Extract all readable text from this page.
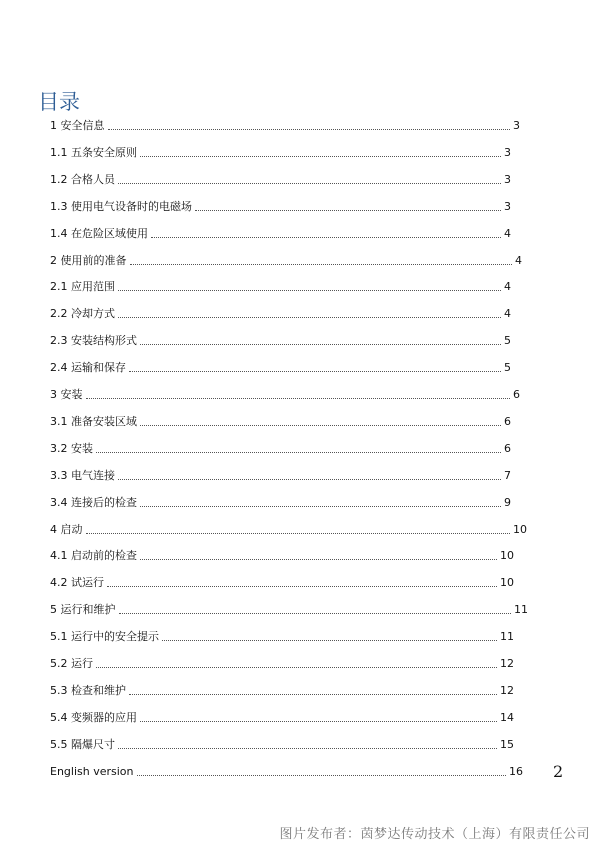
目录
1 安全信息	3
1.1 五条安全原则	3
1.2 合格人员	3
1.3 使用电气设备时的电磁场	3
1.4 在危险区域使用	4
2 使用前的准备	4
2.1 应用范围	4
2.2 冷却方式	4
2.3 安装结构形式	5
2.4 运输和保存	5
3 安装	6
3.1 准备安装区域	6
3.2 安装	6
3.3 电气连接	7
3.4 连接后的检查	9
4 启动	10
4.1 启动前的检查	10
4.2 试运行	10
5 运行和维护	11
5.1 运行中的安全提示	11
5.2 运行	12
5.3 检查和维护	12
5.4 变频器的应用	14
5.5 隔爆尺寸	15
English version	16 2
图片发布者：茵梦达传动技术（上海）有限责任公司
